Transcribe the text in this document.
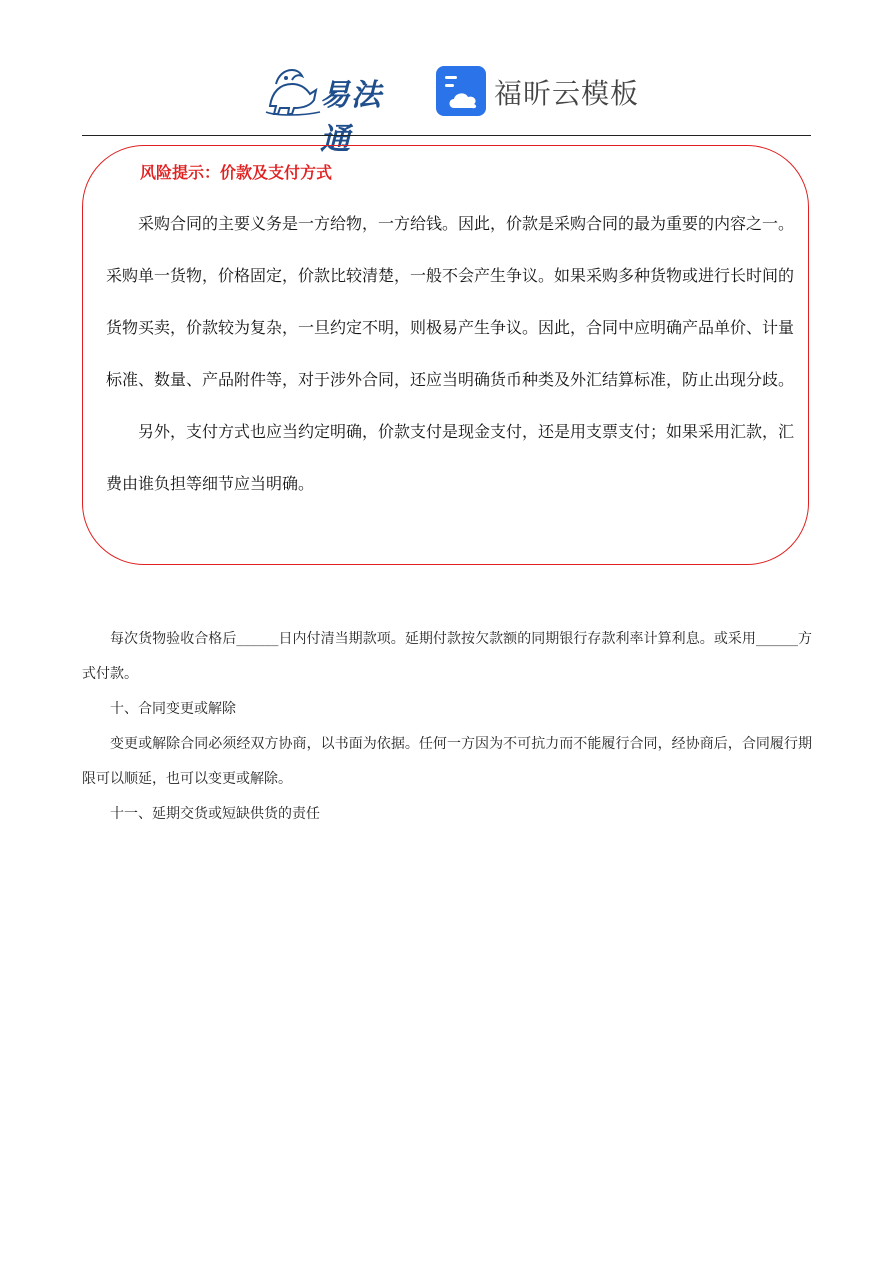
易法通
福昕云模板
风险提示：价款及支付方式

采购合同的主要义务是一方给物，一方给钱。因此，价款是采购合同的最为重要的内容之一。采购单一货物，价格固定，价款比较清楚，一般不会产生争议。如果采购多种货物或进行长时间的货物买卖，价款较为复杂，一旦约定不明，则极易产生争议。因此，合同中应明确产品单价、计量标准、数量、产品附件等，对于涉外合同，还应当明确货币种类及外汇结算标准，防止出现分歧。

另外，支付方式也应当约定明确，价款支付是现金支付，还是用支票支付；如果采用汇款，汇费由谁负担等细节应当明确。

每次货物验收合格后______日内付清当期款项。延期付款按欠款额的同期银行存款利率计算利息。或采用______方式付款。

十、合同变更或解除

变更或解除合同必须经双方协商，以书面为依据。任何一方因为不可抗力而不能履行合同，经协商后，合同履行期限可以顺延，也可以变更或解除。

十一、延期交货或短缺供货的责任
